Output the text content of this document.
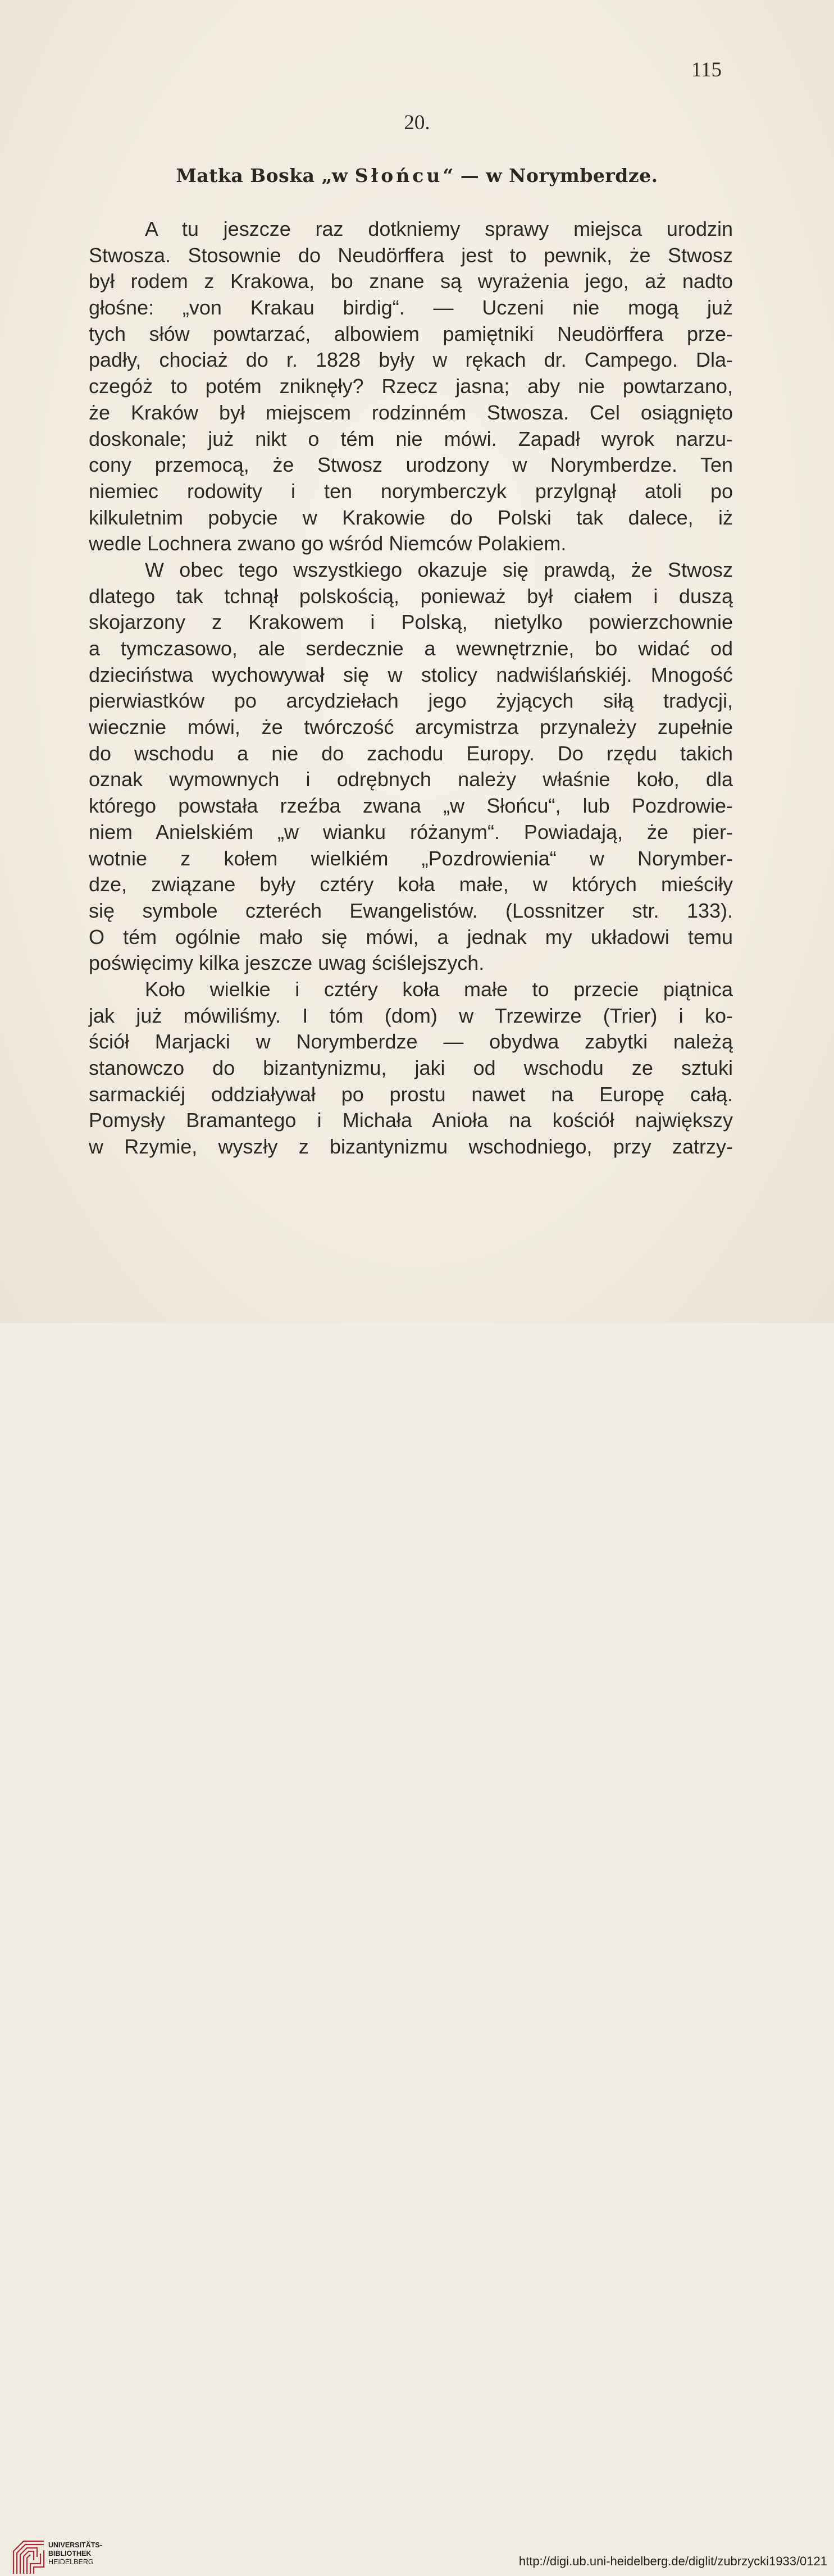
115
20.
Matka Boska „w Słońcu“ — w Norymberdze.
A tu jeszcze raz dotkniemy sprawy miejsca urodzin
Stwosza. Stosownie do Neudörffera jest to pewnik, że Stwosz
był rodem z Krakowa, bo znane są wyrażenia jego, aż nadto
głośne: „von Krakau birdig“. — Uczeni nie mogą już
tych słów powtarzać, albowiem pamiętniki Neudörffera prze-
padły, chociaż do r. 1828 były w rękach dr. Campego. Dla-
czegóż to potém zniknęły? Rzecz jasna; aby nie powtarzano,
że Kraków był miejscem rodzinném Stwosza. Cel osiągnięto
doskonale; już nikt o tém nie mówi. Zapadł wyrok narzu-
cony przemocą, że Stwosz urodzony w Norymberdze. Ten
niemiec rodowity i ten norymberczyk przylgnął atoli po
kilkuletnim pobycie w Krakowie do Polski tak dalece, iż
wedle Lochnera zwano go wśród Niemców Polakiem.
W obec tego wszystkiego okazuje się prawdą, że Stwosz
dlatego tak tchnął polskością, ponieważ był ciałem i duszą
skojarzony z Krakowem i Polską, nietylko powierzchownie
a tymczasowo, ale serdecznie a wewnętrznie, bo widać od
dzieciństwa wychowywał się w stolicy nadwiślańskiéj. Mnogość
pierwiastków po arcydziełach jego żyjących siłą tradycji,
wiecznie mówi, że twórczość arcymistrza przynależy zupełnie
do wschodu a nie do zachodu Europy. Do rzędu takich
oznak wymownych i odrębnych należy właśnie koło, dla
którego powstała rzeźba zwana „w Słońcu“, lub Pozdrowie-
niem Anielskiém „w wianku różanym“. Powiadają, że pier-
wotnie z kołem wielkiém „Pozdrowienia“ w Norymber-
dze, związane były cztéry koła małe, w których mieściły
się symbole czteréch Ewangelistów. (Lossnitzer str. 133).
O tém ogólnie mało się mówi, a jednak my układowi temu
poświęcimy kilka jeszcze uwag ściślejszych.
Koło wielkie i cztéry koła małe to przecie piątnica
jak już mówiliśmy. I tóm (dom) w Trzewirze (Trier) i ko-
ściół Marjacki w Norymberdze — obydwa zabytki należą
stanowczo do bizantynizmu, jaki od wschodu ze sztuki
sarmackiéj oddziaływał po prostu nawet na Europę całą.
Pomysły Bramantego i Michała Anioła na kościół największy
w Rzymie, wyszły z bizantynizmu wschodniego, przy zatrzy-
UNIVERSITÄTS-
BIBLIOTHEK
HEIDELBERG	http://digi.ub.uni-heidelberg.de/diglit/zubrzycki1933/0121
